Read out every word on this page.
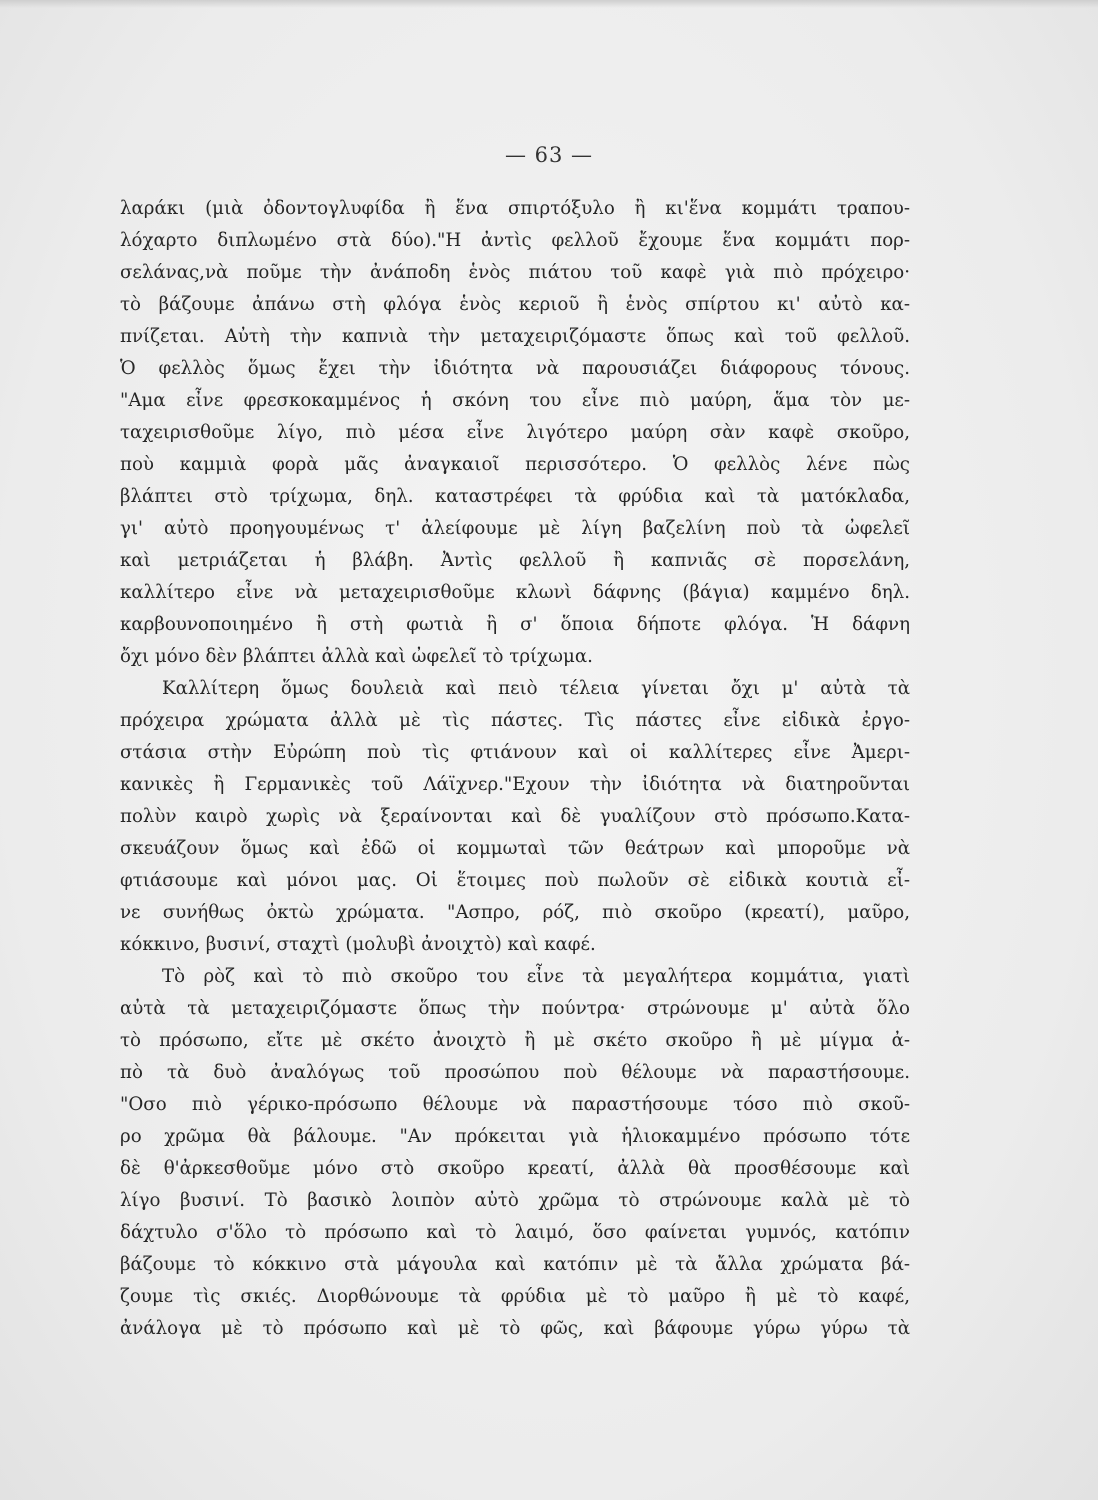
— 63 —
λαράκι (μιὰ ὀδοντογλυφίδα ἢ ἕνα σπιρτόξυλο ἢ κι'ἕνα κομμάτι τραπου-
λόχαρτο διπλωμένο στὰ δύο)."Η ἀντὶς φελλοῦ ἔχουμε ἕνα κομμάτι πορ-
σελάνας,νὰ ποῦμε τὴν ἀνάποδη ἑνὸς πιάτου τοῦ καφὲ γιὰ πιὸ πρόχειρο·
τὸ βάζουμε ἀπάνω στὴ φλόγα ἑνὸς κεριοῦ ἢ ἑνὸς σπίρτου κι' αὐτὸ κα-
πνίζεται. Αὐτὴ τὴν καπνιὰ τὴν μεταχειριζόμαστε ὅπως καὶ τοῦ φελλοῦ.
Ὁ φελλὸς ὅμως ἔχει τὴν ἰδιότητα νὰ παρουσιάζει διάφορους τόνους.
"Αμα εἶνε φρεσκοκαμμένος ἡ σκόνη του εἶνε πιὸ μαύρη, ἅμα τὸν με-
ταχειρισθοῦμε λίγο, πιὸ μέσα εἶνε λιγότερο μαύρη σὰν καφὲ σκοῦρο,
ποὺ καμμιὰ φορὰ μᾶς ἀναγκαιοῖ περισσότερο. Ὁ φελλὸς λένε πὼς
βλάπτει στὸ τρίχωμα, δηλ. καταστρέφει τὰ φρύδια καὶ τὰ ματόκλαδα,
γι' αὐτὸ προηγουμένως τ' ἀλείφουμε μὲ λίγη βαζελίνη ποὺ τὰ ὠφελεῖ
καὶ μετριάζεται ἡ βλάβη. Ἀντὶς φελλοῦ ἢ καπνιᾶς σὲ πορσελάνη,
καλλίτερο εἶνε νὰ μεταχειρισθοῦμε κλωνὶ δάφνης (βάγια) καμμένο δηλ.
καρβουνοποιημένο ἢ στὴ φωτιὰ ἢ σ' ὅποια δήποτε φλόγα. Ἡ δάφνη
ὄχι μόνο δὲν βλάπτει ἀλλὰ καὶ ὠφελεῖ τὸ τρίχωμα.
Καλλίτερη ὅμως δουλειὰ καὶ πειὸ τέλεια γίνεται ὄχι μ' αὐτὰ τὰ
πρόχειρα χρώματα ἀλλὰ μὲ τὶς πάστες. Τὶς πάστες εἶνε εἰδικὰ ἐργο-
στάσια στὴν Εὐρώπη ποὺ τὶς φτιάνουν καὶ οἱ καλλίτερες εἶνε Ἀμερι-
κανικὲς ἢ Γερμανικὲς τοῦ Λάϊχνερ."Εχουν τὴν ἰδιότητα νὰ διατηροῦνται
πολὺν καιρὸ χωρὶς νὰ ξεραίνονται καὶ δὲ γυαλίζουν στὸ πρόσωπο.Κατα-
σκευάζουν ὅμως καὶ ἐδῶ οἱ κομμωταὶ τῶν θεάτρων καὶ μποροῦμε νὰ
φτιάσουμε καὶ μόνοι μας. Οἱ ἕτοιμες ποὺ πωλοῦν σὲ εἰδικὰ κουτιὰ εἶ-
νε συνήθως ὀκτὼ χρώματα. "Ασπρο, ρόζ, πιὸ σκοῦρο (κρεατί), μαῦρο,
κόκκινο, βυσινί, σταχτὶ (μολυβὶ ἀνοιχτὸ) καὶ καφέ.
Τὸ ρὸζ καὶ τὸ πιὸ σκοῦρο του εἶνε τὰ μεγαλήτερα κομμάτια, γιατὶ
αὐτὰ τὰ μεταχειριζόμαστε ὅπως τὴν πούντρα· στρώνουμε μ' αὐτὰ ὅλο
τὸ πρόσωπο, εἴτε μὲ σκέτο ἀνοιχτὸ ἢ μὲ σκέτο σκοῦρο ἢ μὲ μίγμα ἀ-
πὸ τὰ δυὸ ἀναλόγως τοῦ προσώπου ποὺ θέλουμε νὰ παραστήσουμε.
"Οσο πιὸ γέρικο-πρόσωπο θέλουμε νὰ παραστήσουμε τόσο πιὸ σκοῦ-
ρο χρῶμα θὰ βάλουμε. "Αν πρόκειται γιὰ ἡλιοκαμμένο πρόσωπο τότε
δὲ θ'ἀρκεσθοῦμε μόνο στὸ σκοῦρο κρεατί, ἀλλὰ θὰ προσθέσουμε καὶ
λίγο βυσινί. Τὸ βασικὸ λοιπὸν αὐτὸ χρῶμα τὸ στρώνουμε καλὰ μὲ τὸ
δάχτυλο σ'ὅλο τὸ πρόσωπο καὶ τὸ λαιμό, ὅσο φαίνεται γυμνός, κατόπιν
βάζουμε τὸ κόκκινο στὰ μάγουλα καὶ κατόπιν μὲ τὰ ἄλλα χρώματα βά-
ζουμε τὶς σκιές. Διορθώνουμε τὰ φρύδια μὲ τὸ μαῦρο ἢ μὲ τὸ καφέ,
ἀνάλογα μὲ τὸ πρόσωπο καὶ μὲ τὸ φῶς, καὶ βάφουμε γύρω γύρω τὰ
